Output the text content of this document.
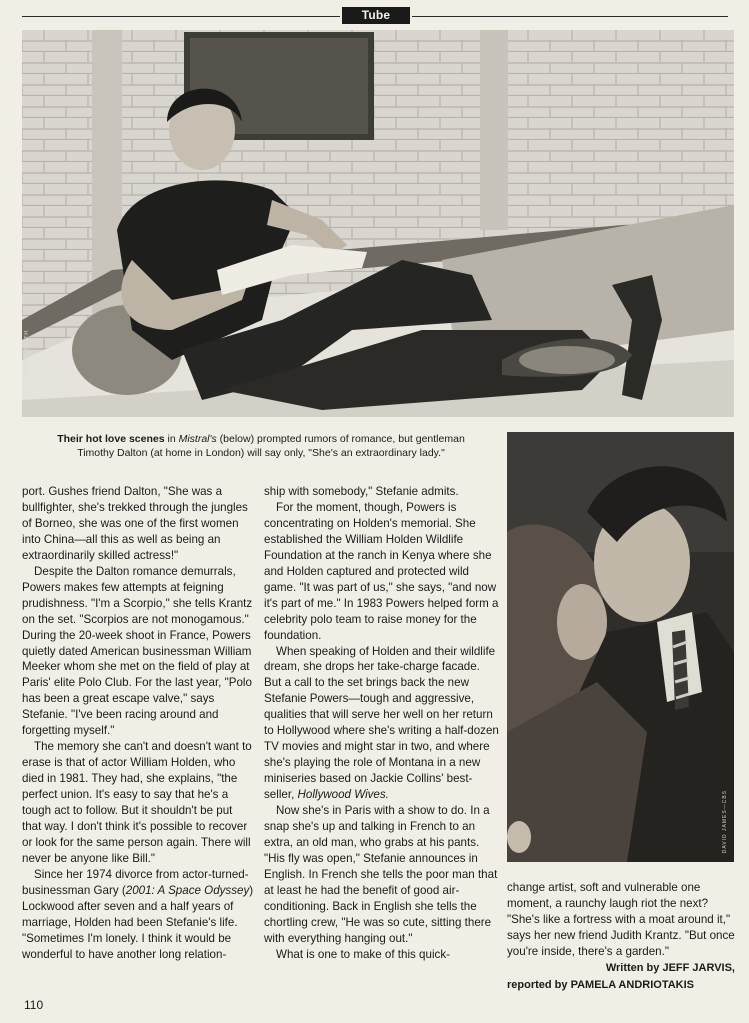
Tube
TERRY SMITH
Their hot love scenes in Mistral's (below) prompted rumors of romance, but gentleman
Timothy Dalton (at home in London) will say only, "She's an extraordinary lady."
DAVID JAMES—CBS

port. Gushes friend Dalton, "She was a bullfighter, she's trekked through the jungles of Borneo, she was one of the first women into China—all this as well as being an extraordinarily skilled actress!"

Despite the Dalton romance demurrals, Powers makes few attempts at feigning prudishness. "I'm a Scorpio," she tells Krantz on the set. "Scorpios are not monogamous." During the 20-week shoot in France, Powers quietly dated American businessman William Meeker whom she met on the field of play at Paris' elite Polo Club. For the last year, "Polo has been a great escape valve," says Stefanie. "I've been racing around and forgetting myself."

The memory she can't and doesn't want to erase is that of actor William Holden, who died in 1981. They had, she explains, "the perfect union. It's easy to say that he's a tough act to follow. But it shouldn't be put that way. I don't think it's possible to recover or look for the same person again. There will never be anyone like Bill."

Since her 1974 divorce from actor-turned-businessman Gary (2001: A Space Odyssey) Lockwood after seven and a half years of marriage, Holden had been Stefanie's life. "Sometimes I'm lonely. I think it would be wonderful to have another long relation-

ship with somebody," Stefanie admits.

For the moment, though, Powers is concentrating on Holden's memorial. She established the William Holden Wildlife Foundation at the ranch in Kenya where she and Holden captured and protected wild game. "It was part of us," she says, "and now it's part of me." In 1983 Powers helped form a celebrity polo team to raise money for the foundation.

When speaking of Holden and their wildlife dream, she drops her take-charge facade. But a call to the set brings back the new Stefanie Powers—tough and aggressive, qualities that will serve her well on her return to Hollywood where she's writing a half-dozen TV movies and might star in two, and where she's playing the role of Montana in a new miniseries based on Jackie Collins' best-seller, Hollywood Wives.

Now she's in Paris with a show to do. In a snap she's up and talking in French to an extra, an old man, who grabs at his pants. "His fly was open," Stefanie announces in English. In French she tells the poor man that at least he had the benefit of good air-conditioning. Back in English she tells the chortling crew, "He was so cute, sitting there with everything hanging out."

What is one to make of this quick-

change artist, soft and vulnerable one moment, a raunchy laugh riot the next? "She's like a fortress with a moat around it," says her new friend Judith Krantz. "But once you're inside, there's a garden."

Written by JEFF JARVIS,

reported by PAMELA ANDRIOTAKIS

110
